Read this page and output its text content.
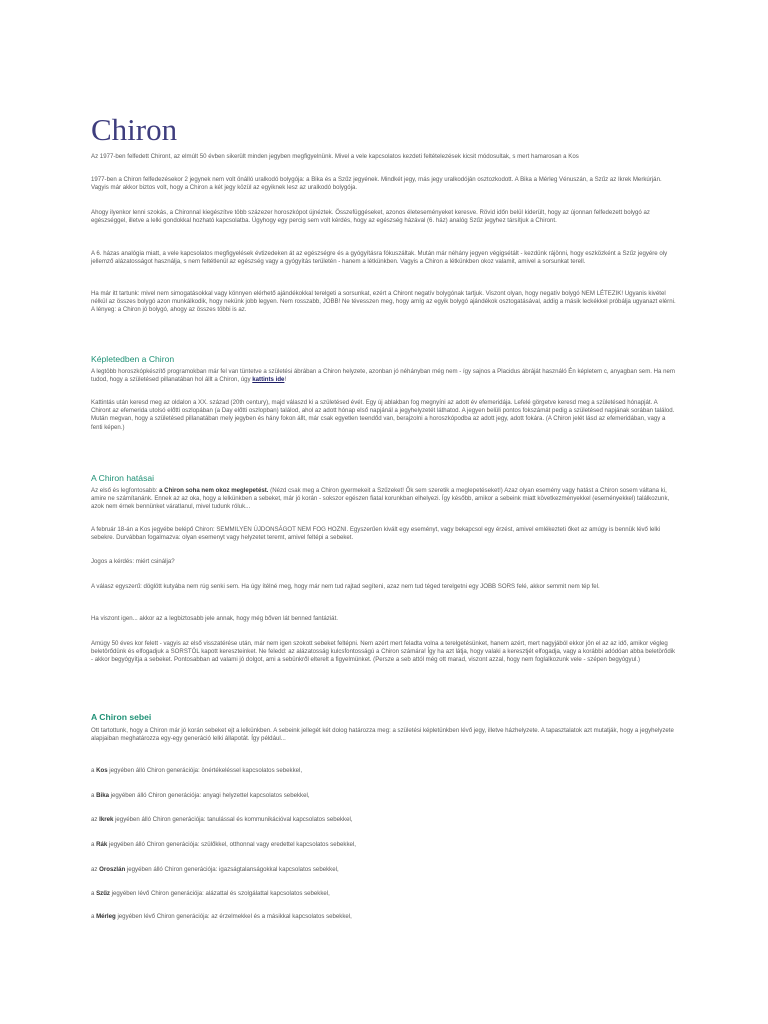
Chiron

Az 1977-ben felfedett Chiront, az elmúlt 50 évben sikerült minden jegyben megfigyelnünk. Mivel a vele kapcsolatos kezdeti feltételezések kicsit módosultak, s mert hamarosan a Kos

1977-ben a Chiron felfedezésekor 2 jegynek nem volt önálló uralkodó bolygója: a Bika és a Szűz jegyének. Mindkét jegy, más jegy uralkodóján osztozkodott. A Bika a Mérleg Vénuszán, a Szűz az Ikrek Merkúrján. Vagyis már akkor biztos volt, hogy a Chiron a két jegy közül az egyiknek lesz az uralkodó bolygója.

Ahogy ilyenkor lenni szokás, a Chironnal kiegészítve több százezer horoszkópot újnéztek. Összefüggéseket, azonos életeseményeket keresve. Rövid időn belül kiderült, hogy az újonnan felfedezett bolygó az egészséggel, illetve a lelki gondokkal hozható kapcsolatba. Úgyhogy egy percig sem volt kérdés, hogy az egészség házával (6. ház) analóg Szűz jegyhez társítjuk a Chiront.

A 6. házas analógia miatt, a vele kapcsolatos megfigyelések évtizedeken át az egészségre és a gyógyításra fókuszáltak. Mután már néhány jegyen végigsétált - kezdünk rájönni, hogy eszközként a Szűz jegyére oly jellemző alázatosságot használja, s nem feltétlenül az egészség vagy a gyógyítás területén - hanem a létkünkben. Vagyis a Chiron a létkünkben okoz valamit, amivel a sorsunkat terell.

Ha már itt tartunk: mivel nem simogatásokkal vagy könnyen elérhető ajándékokkal terelgeti a sorsunkat, ezért a Chiront negatív bolygónak tartjuk. Viszont olyan, hogy negatív bolygó NEM LÉTEZIK! Ugyanis kivétel nélkül az összes bolygó azon munkálkodik, hogy nekünk jobb legyen. Nem rosszabb, JOBB! Ne tévesszen meg, hogy amíg az egyik bolygó ajándékok osztogatásával, addig a másik leckékkel próbálja ugyanazt elérni. A lényeg: a Chiron jó bolygó, ahogy az összes többi is az.

Képletedben a Chiron

A legtöbb horoszkópkészítő programokban már fel van tüntetve a születési ábrában a Chiron helyzete, azonban jó néhányban még nem - így sajnos a Placidus ábráját használó Én képletem c, anyagban sem. Ha nem tudod, hogy a születésed pillanatában hol állt a Chiron, úgy kattints ide!

Kattintás után keresd meg az oldalon a XX. század (20th century), majd válaszd ki a születésed évét. Egy új ablakban fog megnyíni az adott év efemeridája. Lefelé görgetve keresd meg a születésed hónapját. A Chiront az efemerida utolsó előtti oszlopában (a Day előtti oszlopban) találod, ahol az adott hónap első napjánál a jegyhelyzetét láthatod. A jegyen belüli pontos fokszámát pedig a születésed napjának sorában találod. Mután megvan, hogy a születésed pillanatában mely jegyben és hány fokon állt, már csak egyetlen teendőd van, berajzolni a horoszkópodba az adott jegy, adott fokára. (A Chiron jelét lásd az efemeridában, vagy a fenti képen.)

A Chiron hatásai

Az első és legfontosabb: a Chiron soha nem okoz meglepetést. (Nézd csak meg a Chiron gyermekeit a Szűzeket! Ők sem szeretik a meglepetéseket!) Azaz olyan esemény vagy hatást a Chiron sosem váltana ki, amire ne számítanánk. Ennek az az oka, hogy a lelkünkben a sebeket, már jó korán - sokszor egészen fiatal korunkban elhelyezi. Így később, amikor a sebeink miatt következményekkel (eseményekkel) találkozunk, azok nem érnek bennünket váratlanul, mivel tudunk róluk...

A február 18-án a Kos jegyébe belépő Chiron: SEMMILYEN ÚJDONSÁGOT NEM FOG HOZNI. Egyszerűen kivált egy eseményt, vagy bekapcsol egy érzést, amivel emlékezteti őket az amúgy is bennük lévő lelki sebekre. Durvábban fogalmazva: olyan esemenyt vagy helyzetet teremt, amivel feltépi a sebeket.

Jogos a kérdés: miért csinálja?

A válasz egyszerű: döglött kutyába nem rúg senki sem. Ha úgy ítélné meg, hogy már nem tud rajtad segíteni, azaz nem tud téged terelgetni egy JOBB SORS felé, akkor semmit nem tép fel.

Ha viszont igen... akkor az a legbiztosabb jele annak, hogy még bőven lát benned fantáziát.

Amúgy 50 éves kor felett - vagyis az első visszatérése után, már nem igen szokott sebeket feltépni. Nem azért mert feladta volna a terelgetésünket, hanem azért, mert nagyjából ekkor jön el az az idő, amikor végleg beletörődünk és elfogadjuk a SORSTÓL kapott kereszteinket. Ne feledd: az alázatosság kulcsfontosságú a Chiron számára! Így ha azt látja, hogy valaki a keresztjét elfogadja, vagy a korábbi adódóan abba beletörődik - akkor begyógyítja a sebeket. Pontosabban ad valami jó dolgot, ami a sebünkről elterelt a figyelmünket. (Persze a seb attól még ott marad, viszont azzal, hogy nem foglalkozunk vele - szépen begyógyul.)

A Chiron sebei

Ott tartottunk, hogy a Chiron már jó korán sebeket ejt a lelkünkben. A sebeink jellegét két dolog határozza meg: a születési képletünkben lévő jegy, illetve házhelyzete. A tapasztalatok azt mutatják, hogy a jegyhelyzete alapjaiban meghatározza egy-egy generáció lelki állapotát. Így például...

a Kos jegyében álló Chiron generációja: önértékeléssel kapcsolatos sebekkel,

a Bika jegyében álló Chiron generációja: anyagi helyzettel kapcsolatos sebekkel,

az Ikrek jegyében álló Chiron generációja: tanulással és kommunikációval kapcsolatos sebekkel,

a Rák jegyében álló Chiron generációja: szülőkkel, otthonnal vagy eredettel kapcsolatos sebekkel,

az Oroszlán jegyében álló Chiron generációja: igazságtalanságokkal kapcsolatos sebekkel,

a Szűz jegyében lévő Chiron generációja: alázattal és szolgálattal kapcsolatos sebekkel,

a Mérleg jegyében lévő Chiron generációja: az érzelmekkel és a másikkal kapcsolatos sebekkel,
